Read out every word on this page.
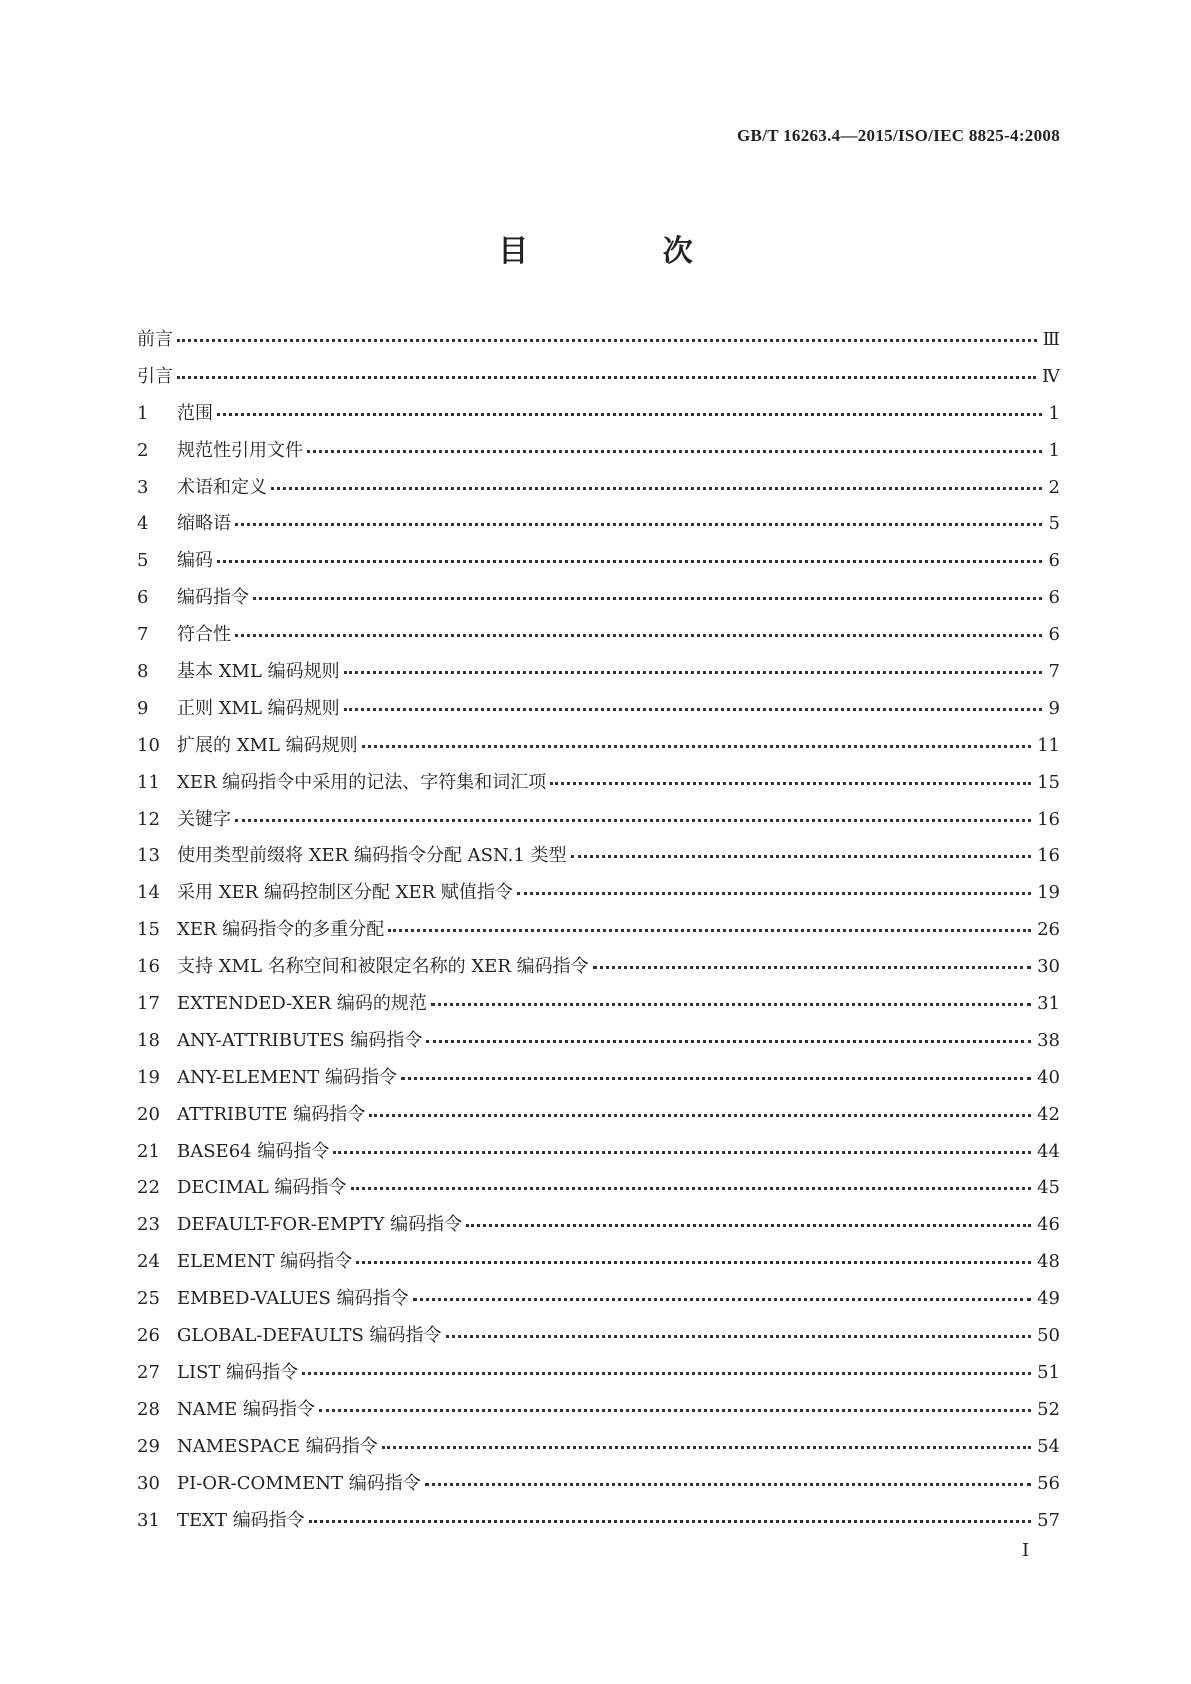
GB/T 16263.4—2015/ISO/IEC 8825-4:2008
目 次
前言	Ⅲ
引言	Ⅳ
1	范围	1
2	规范性引用文件	1
3	术语和定义	2
4	缩略语	5
5	编码	6
6	编码指令	6
7	符合性	6
8	基本 XML 编码规则	7
9	正则 XML 编码规则	9
10 扩展的 XML 编码规则	11
11 XER 编码指令中采用的记法、字符集和词汇项	15
12 关键字	16
13 使用类型前缀将 XER 编码指令分配 ASN.1 类型	16
14 采用 XER 编码控制区分配 XER 赋值指令	19
15 XER 编码指令的多重分配	26
16 支持 XML 名称空间和被限定名称的 XER 编码指令	30
17 EXTENDED-XER 编码的规范	31
18 ANY-ATTRIBUTES 编码指令	38
19 ANY-ELEMENT 编码指令	40
20 ATTRIBUTE 编码指令	42
21 BASE64 编码指令	44
22 DECIMAL 编码指令	45
23 DEFAULT-FOR-EMPTY 编码指令	46
24 ELEMENT 编码指令	48
25 EMBED-VALUES 编码指令	49
26 GLOBAL-DEFAULTS 编码指令	50
27 LIST 编码指令	51
28 NAME 编码指令	52
29 NAMESPACE 编码指令	54
30 PI-OR-COMMENT 编码指令	56
31 TEXT 编码指令	57
I
